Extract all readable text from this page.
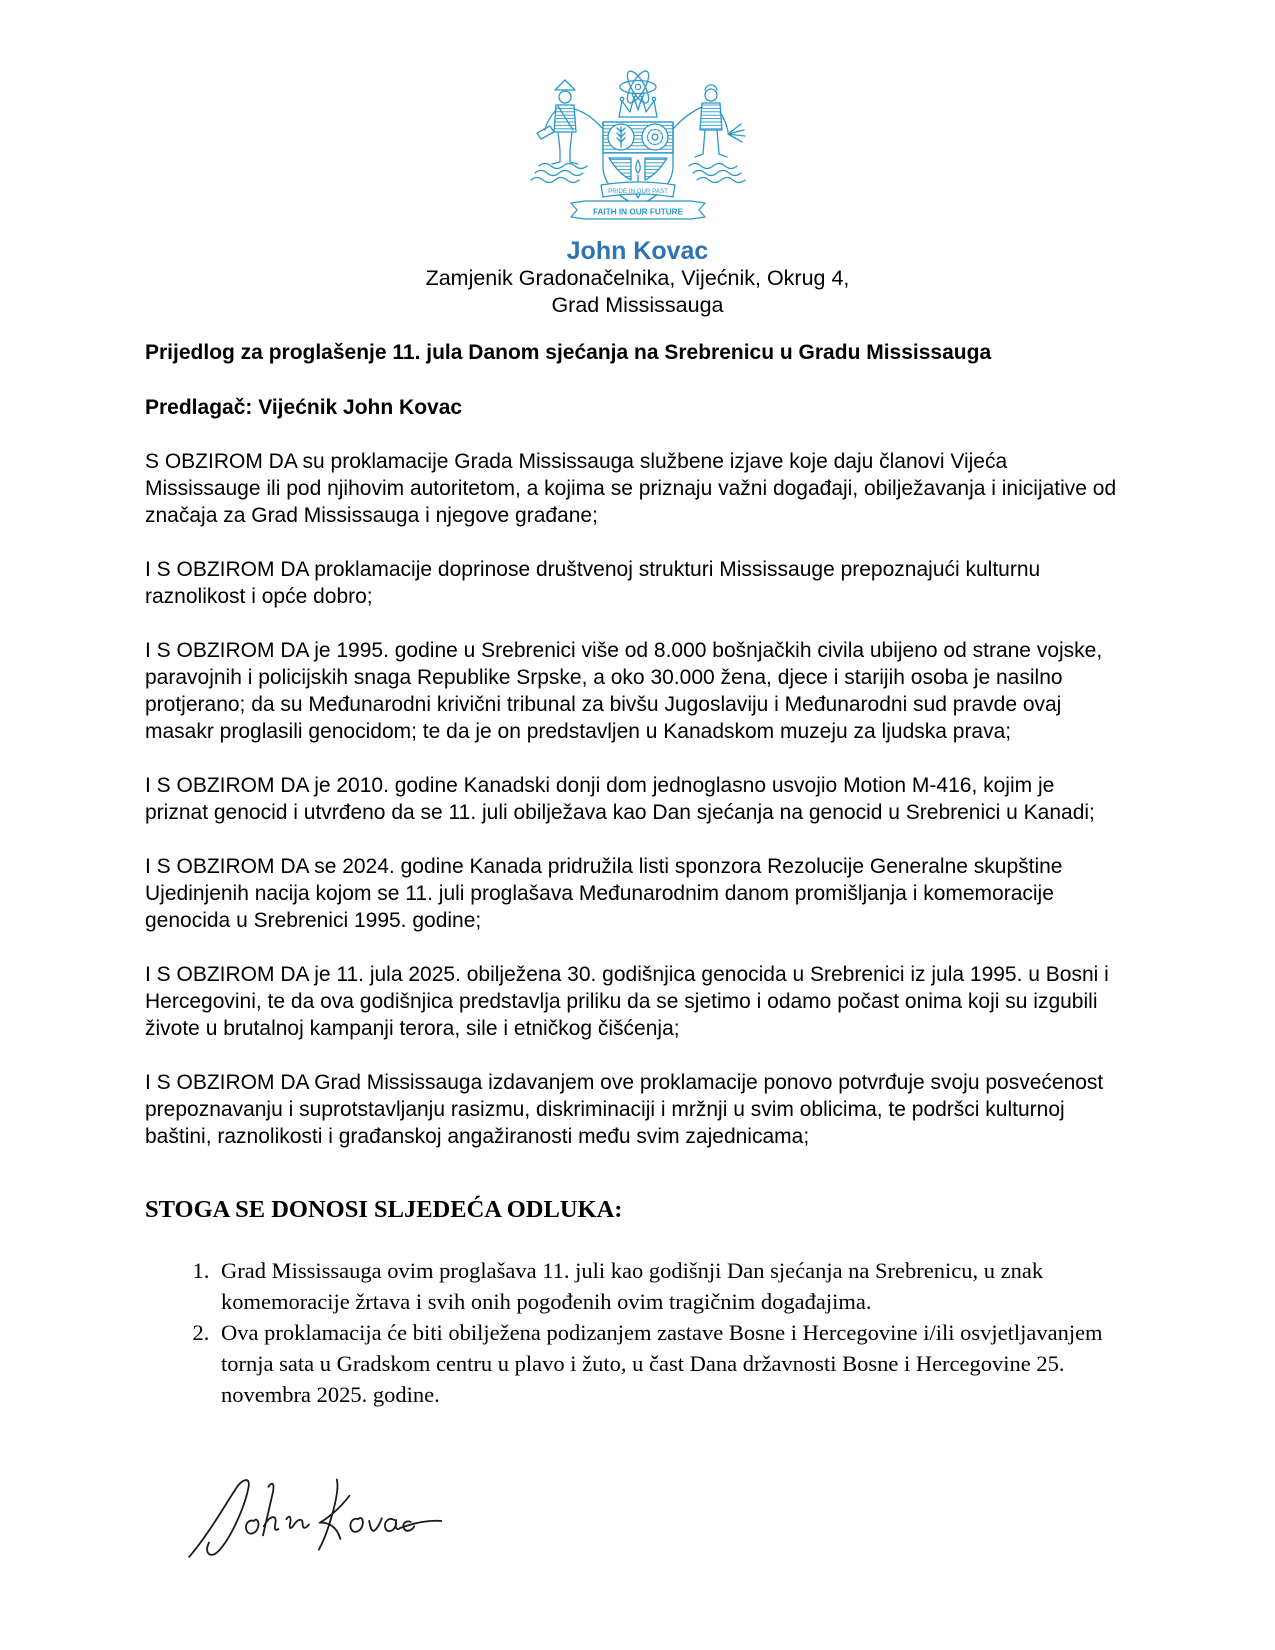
PRIDE IN OUR PAST
FAITH IN OUR FUTURE
John Kovac
Zamjenik Gradonačelnika, Vijećnik, Okrug 4,
Grad Mississauga

Prijedlog za proglašenje 11. jula Danom sjećanja na Srebrenicu u Gradu Mississauga

Predlagač: Vijećnik John Kovac

S OBZIROM DA su proklamacije Grada Mississauga službene izjave koje daju članovi Vijeća Mississauge ili pod njihovim autoritetom, a kojima se priznaju važni događaji, obilježavanja i inicijative od značaja za Grad Mississauga i njegove građane;

I S OBZIROM DA proklamacije doprinose društvenoj strukturi Mississauge prepoznajući kulturnu raznolikost i opće dobro;

I S OBZIROM DA je 1995. godine u Srebrenici više od 8.000 bošnjačkih civila ubijeno od strane vojske, paravojnih i policijskih snaga Republike Srpske, a oko 30.000 žena, djece i starijih osoba je nasilno protjerano; da su Međunarodni krivični tribunal za bivšu Jugoslaviju i Međunarodni sud pravde ovaj masakr proglasili genocidom; te da je on predstavljen u Kanadskom muzeju za ljudska prava;

I S OBZIROM DA je 2010. godine Kanadski donji dom jednoglasno usvojio Motion M-416, kojim je priznat genocid i utvrđeno da se 11. juli obilježava kao Dan sjećanja na genocid u Srebrenici u Kanadi;

I S OBZIROM DA se 2024. godine Kanada pridružila listi sponzora Rezolucije Generalne skupštine Ujedinjenih nacija kojom se 11. juli proglašava Međunarodnim danom promišljanja i komemoracije genocida u Srebrenici 1995. godine;

I S OBZIROM DA je 11. jula 2025. obilježena 30. godišnjica genocida u Srebrenici iz jula 1995. u Bosni i Hercegovini, te da ova godišnjica predstavlja priliku da se sjetimo i odamo počast onima koji su izgubili živote u brutalnoj kampanji terora, sile i etničkog čišćenja;

I S OBZIROM DA Grad Mississauga izdavanjem ove proklamacije ponovo potvrđuje svoju posvećenost prepoznavanju i suprotstavljanju rasizmu, diskriminaciji i mržnji u svim oblicima, te podršci kulturnoj baštini, raznolikosti i građanskoj angažiranosti među svim zajednicama;

STOGA SE DONOSI SLJEDEĆA ODLUKA:
1. Grad Mississauga ovim proglašava 11. juli kao godišnji Dan sjećanja na Srebrenicu, u znak komemoracije žrtava i svih onih pogođenih ovim tragičnim događajima.
2. Ova proklamacija će biti obilježena podizanjem zastave Bosne i Hercegovine i/ili osvjetljavanjem tornja sata u Gradskom centru u plavo i žuto, u čast Dana državnosti Bosne i Hercegovine 25. novembra 2025. godine.
